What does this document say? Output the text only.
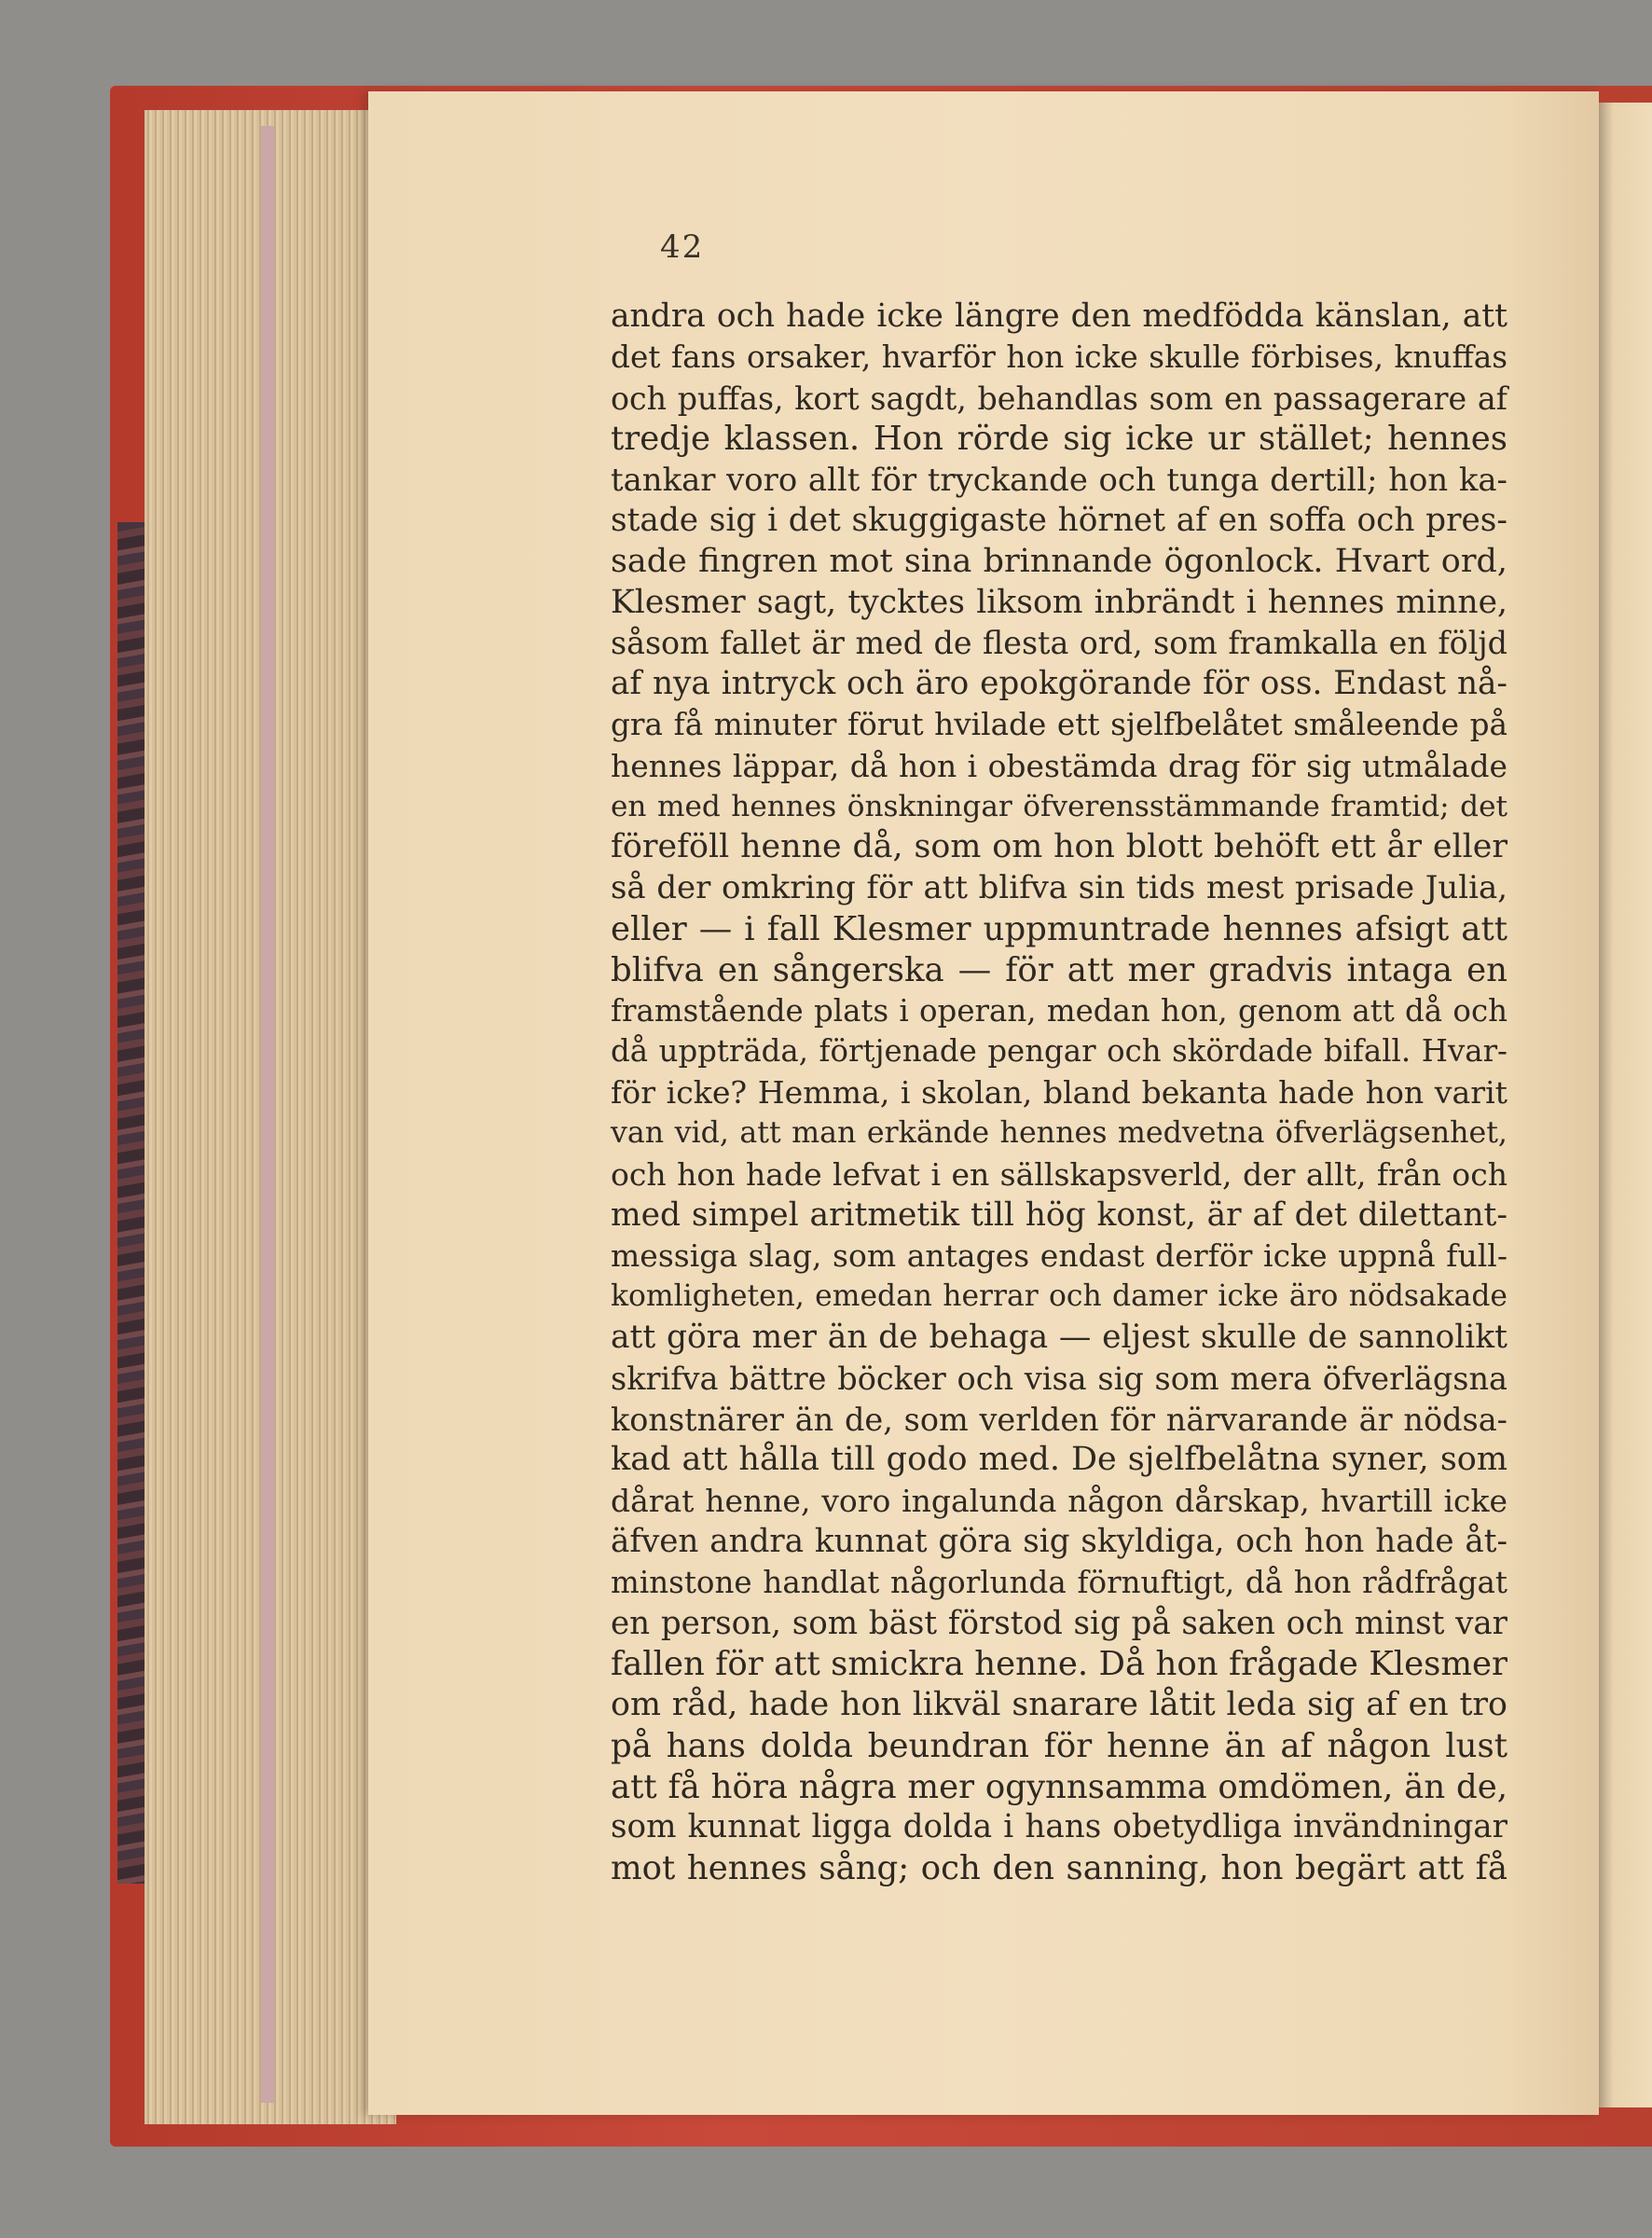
42
andra och hade icke längre den medfödda känslan, att
det fans orsaker, hvarför hon icke skulle förbises, knuffas
och puffas, kort sagdt, behandlas som en passagerare af
tredje klassen. Hon rörde sig icke ur stället; hennes
tankar voro allt för tryckande och tunga dertill; hon ka-
stade sig i det skuggigaste hörnet af en soffa och pres-
sade fingren mot sina brinnande ögonlock. Hvart ord,
Klesmer sagt, tycktes liksom inbrändt i hennes minne,
såsom fallet är med de flesta ord, som framkalla en följd
af nya intryck och äro epokgörande för oss. Endast nå-
gra få minuter förut hvilade ett sjelfbelåtet småleende på
hennes läppar, då hon i obestämda drag för sig utmålade
en med hennes önskningar öfverensstämmande framtid; det
föreföll henne då, som om hon blott behöft ett år eller
så der omkring för att blifva sin tids mest prisade Julia,
eller — i fall Klesmer uppmuntrade hennes afsigt att
blifva en sångerska — för att mer gradvis intaga en
framstående plats i operan, medan hon, genom att då och
då uppträda, förtjenade pengar och skördade bifall. Hvar-
för icke? Hemma, i skolan, bland bekanta hade hon varit
van vid, att man erkände hennes medvetna öfverlägsenhet,
och hon hade lefvat i en sällskapsverld, der allt, från och
med simpel aritmetik till hög konst, är af det dilettant-
messiga slag, som antages endast derför icke uppnå full-
komligheten, emedan herrar och damer icke äro nödsakade
att göra mer än de behaga — eljest skulle de sannolikt
skrifva bättre böcker och visa sig som mera öfverlägsna
konstnärer än de, som verlden för närvarande är nödsa-
kad att hålla till godo med. De sjelfbelåtna syner, som
dårat henne, voro ingalunda någon dårskap, hvartill icke
äfven andra kunnat göra sig skyldiga, och hon hade åt-
minstone handlat någorlunda förnuftigt, då hon rådfrågat
en person, som bäst förstod sig på saken och minst var
fallen för att smickra henne. Då hon frågade Klesmer
om råd, hade hon likväl snarare låtit leda sig af en tro
på hans dolda beundran för henne än af någon lust
att få höra några mer ogynnsamma omdömen, än de,
som kunnat ligga dolda i hans obetydliga invändningar
mot hennes sång; och den sanning, hon begärt att få
